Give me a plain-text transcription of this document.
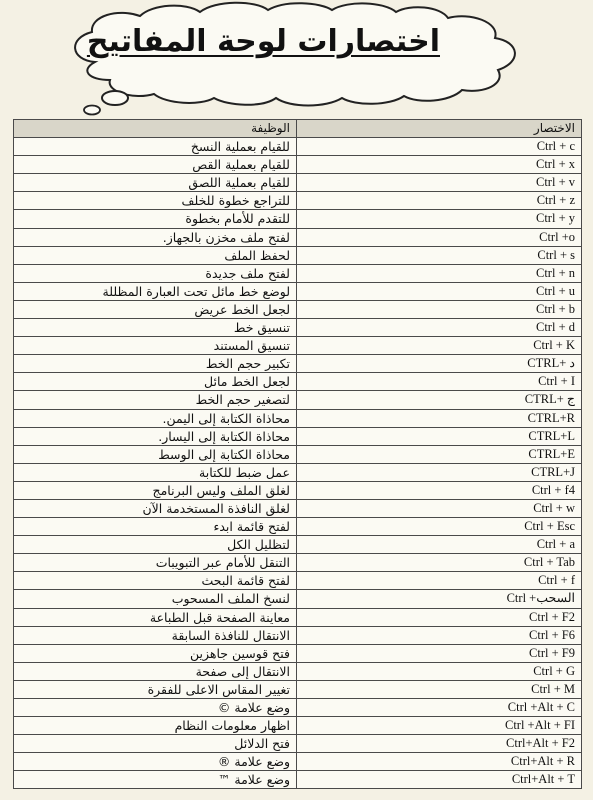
اختصارات لوحة المفاتيح
الوظيفة	الاختصار
للقيام بعملية النسخ	Ctrl + c
للقيام بعملية القص	Ctrl + x
للقيام بعملية اللصق	Ctrl + v
للتراجع خطوة للخلف	Ctrl + z
للتقدم للأمام بخطوة	Ctrl + y
لفتح ملف مخزن بالجهاز.	Ctrl +o
لحفظ الملف	Ctrl + s
لفتح ملف جديدة	Ctrl + n
لوضع خط مائل تحت العبارة المظللة	Ctrl + u
لجعل الخط عريض	Ctrl + b
تنسيق خط	Ctrl + d
تنسيق المستند	Ctrl + K
تكبير حجم الخط	د +CTRL
لجعل الخط مائل	Ctrl + I
لتصغير حجم الخط	ج +CTRL
محاذاة الكتابة إلى اليمن.	CTRL+R
محاذاة الكتابة إلى اليسار.	CTRL+L
محاذاة الكتابة إلى الوسط	CTRL+E
عمل ضبط للكتابة	CTRL+J
لغلق الملف وليس البرنامج	Ctrl + f4
لغلق النافذة المستخدمة الآن	Ctrl + w
لفتح قائمة ابدء	Ctrl + Esc
لتظليل الكل	Ctrl + a
التنقل للأمام عبر التبويبات	Ctrl + Tab
لفتح قائمة البحث	Ctrl + f
لنسخ الملف المسحوب	السحب+ Ctrl
معاينة الصفحة قبل الطباعة	Ctrl + F2
الانتقال للنافذة السابقة	Ctrl + F6
فتح قوسين جاهزين	Ctrl + F9
الانتقال إلى صفحة	Ctrl + G
تغيير المقاس الاعلى للفقرة	Ctrl + M
وضع علامة ©	Ctrl +Alt + C
اظهار معلومات النظام	Ctrl +Alt + FI
فتح الدلائل	Ctrl+Alt + F2
وضع علامة ®	Ctrl+Alt + R
وضع علامة ™	Ctrl+Alt + T
